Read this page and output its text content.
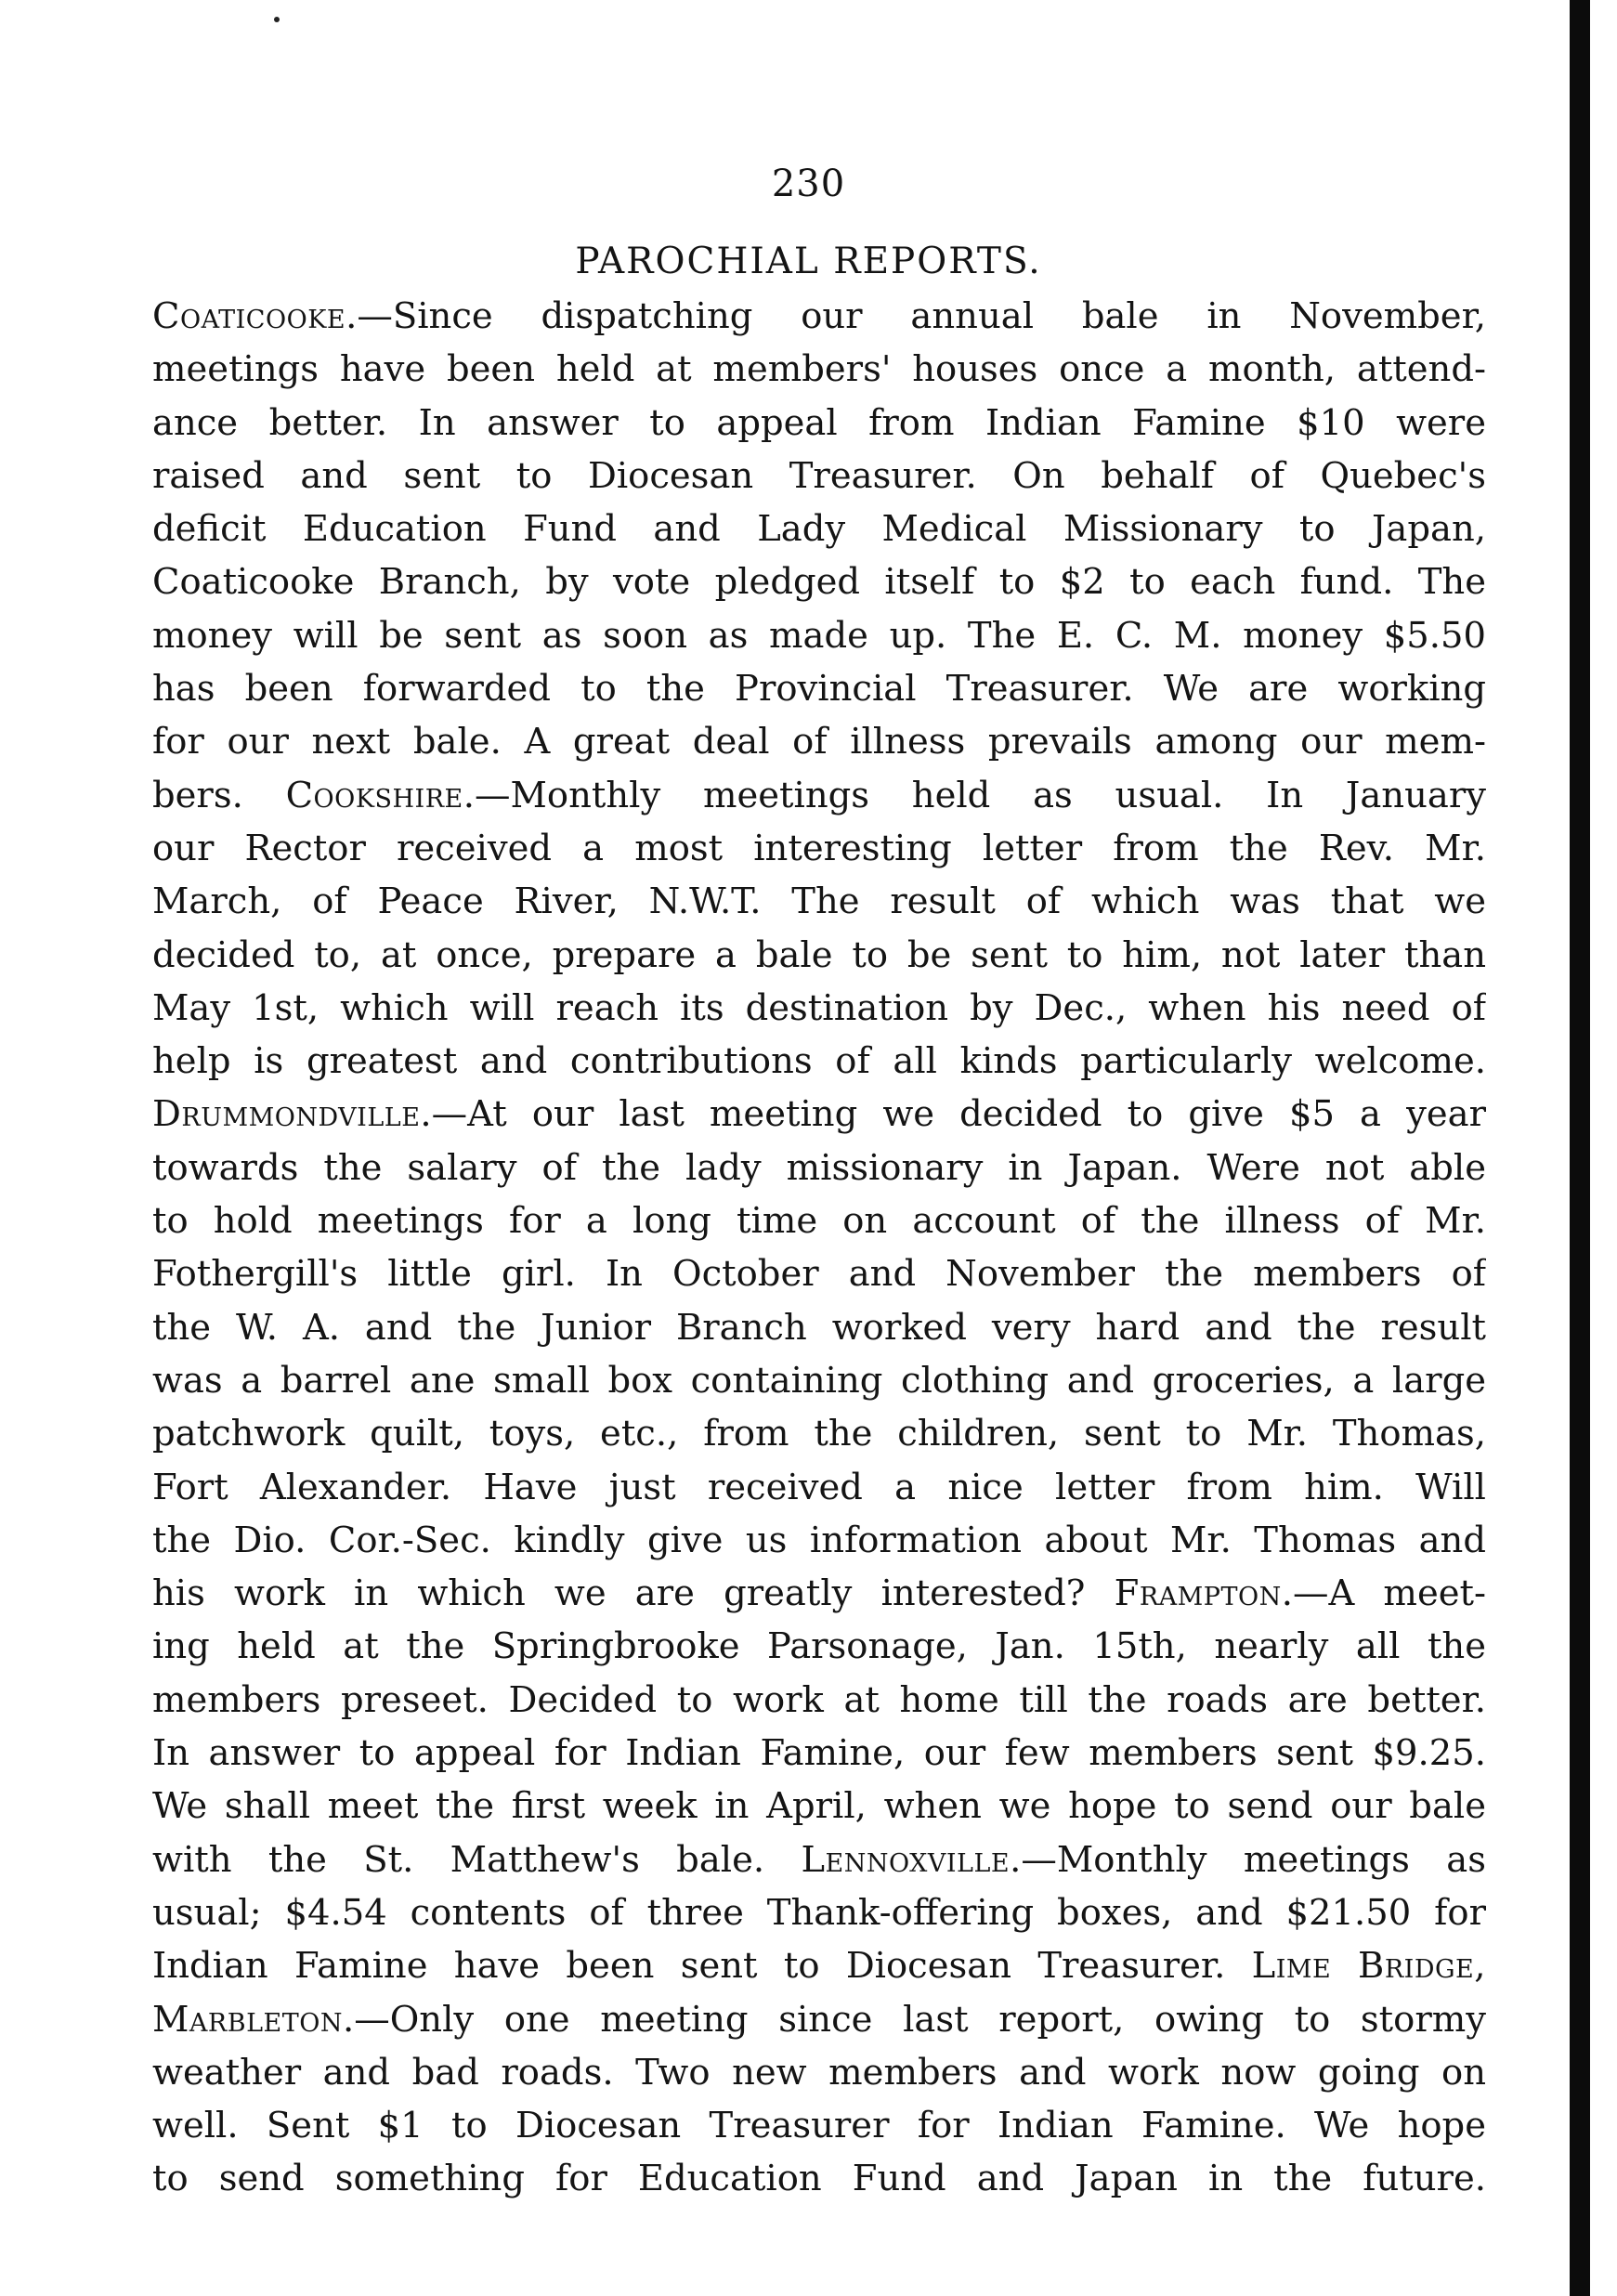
230
PAROCHIAL REPORTS.
Coaticooke.—Since dispatching our annual bale in November,
meetings have been held at members' houses once a month, attend-
ance better. In answer to appeal from Indian Famine $10 were
raised and sent to Diocesan Treasurer. On behalf of Quebec's
deficit Education Fund and Lady Medical Missionary to Japan,
Coaticooke Branch, by vote pledged itself to $2 to each fund. The
money will be sent as soon as made up. The E. C. M. money $5.50
has been forwarded to the Provincial Treasurer. We are working
for our next bale. A great deal of illness prevails among our mem-
bers. Cookshire.—Monthly meetings held as usual. In January
our Rector received a most interesting letter from the Rev. Mr.
March, of Peace River, N.W.T. The result of which was that we
decided to, at once, prepare a bale to be sent to him, not later than
May 1st, which will reach its destination by Dec., when his need of
help is greatest and contributions of all kinds particularly welcome.
Drummondville.—At our last meeting we decided to give $5 a year
towards the salary of the lady missionary in Japan. Were not able
to hold meetings for a long time on account of the illness of Mr.
Fothergill's little girl. In October and November the members of
the W. A. and the Junior Branch worked very hard and the result
was a barrel ane small box containing clothing and groceries, a large
patchwork quilt, toys, etc., from the children, sent to Mr. Thomas,
Fort Alexander. Have just received a nice letter from him. Will
the Dio. Cor.-Sec. kindly give us information about Mr. Thomas and
his work in which we are greatly interested? Frampton.—A meet-
ing held at the Springbrooke Parsonage, Jan. 15th, nearly all the
members preseet. Decided to work at home till the roads are better.
In answer to appeal for Indian Famine, our few members sent $9.25.
We shall meet the first week in April, when we hope to send our bale
with the St. Matthew's bale. Lennoxville.—Monthly meetings as
usual; $4.54 contents of three Thank-offering boxes, and $21.50 for
Indian Famine have been sent to Diocesan Treasurer. Lime Bridge,
Marbleton.—Only one meeting since last report, owing to stormy
weather and bad roads. Two new members and work now going on
well. Sent $1 to Diocesan Treasurer for Indian Famine. We hope
to send something for Education Fund and Japan in the future.
